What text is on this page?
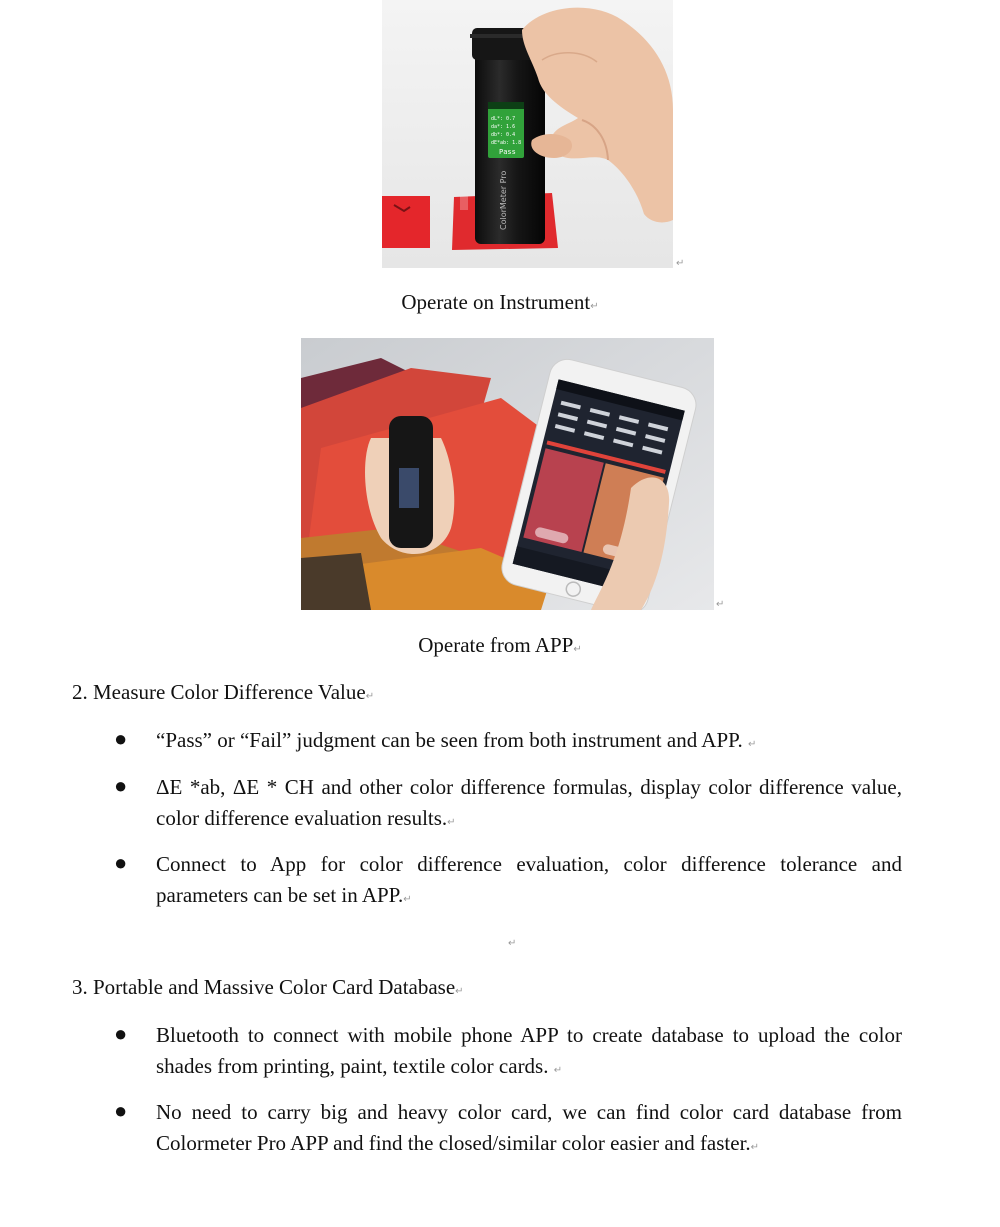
ColorMeter Pro
dL*: 0.7
da*: 1.6
db*: 0.4
dE*ab: 1.8
Pass
↵
Operate on Instrument↵
↵
Operate from APP↵
2. Measure Color Difference Value↵
● “Pass” or “Fail” judgment can be seen from both instrument and APP. ↵
● ΔE *ab, ΔE * CH and other color difference formulas, display color difference value, color difference evaluation results.↵
● Connect to App for color difference evaluation, color difference tolerance and parameters can be set in APP.↵
↵
3. Portable and Massive Color Card Database↵
● Bluetooth to connect with mobile phone APP to create database to upload the color shades from printing, paint, textile color cards. ↵
● No need to carry big and heavy color card, we can find color card database from Colormeter Pro APP and find the closed/similar color easier and faster.↵
